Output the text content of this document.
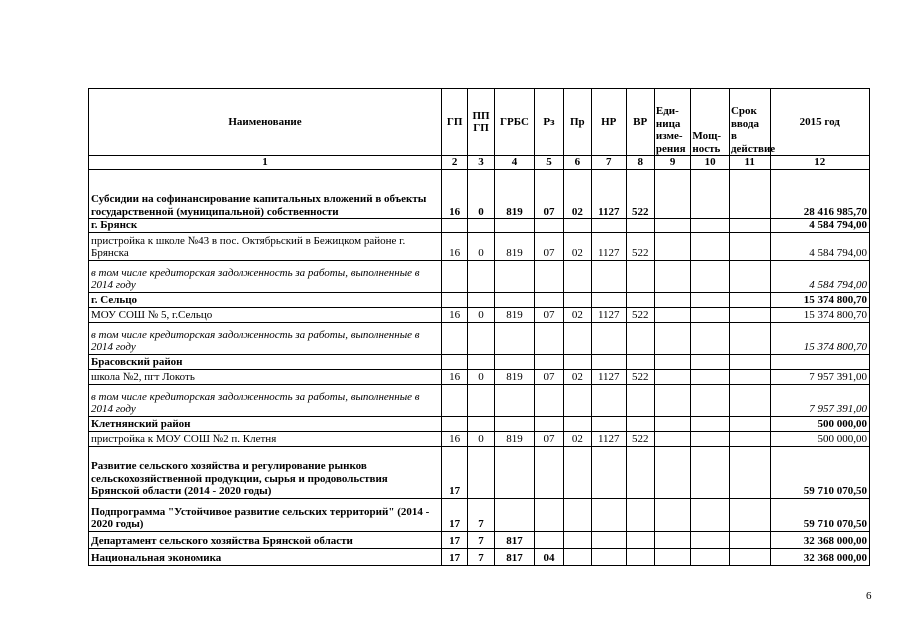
Наименование	ГП	ПП ГП	ГРБС	Рз	Пр	НР	ВР	Еди-ница изме-рения	Мощ-ность	Срок ввода в действие	2015 год
1	2	3	4	5	6	7	8	9	10	11	12
Субсидии на софинансирование капитальных вложений в объекты государственной (муниципальной) собственности	16	0	819	07	02	1127	522				28 416 985,70
г. Брянск											4 584 794,00
пристройка к школе №43 в пос. Октябрьский в Бежицком районе г. Брянска	16	0	819	07	02	1127	522				4 584 794,00
в том числе кредиторская задолженность за работы, выполненные в 2014 году											4 584 794,00
г. Сельцо											15 374 800,70
МОУ СОШ № 5, г.Сельцо	16	0	819	07	02	1127	522				15 374 800,70
в том числе кредиторская задолженность за работы, выполненные в 2014 году											15 374 800,70
Брасовский район											
школа №2, пгт Локоть	16	0	819	07	02	1127	522				7 957 391,00
в том числе кредиторская задолженность за работы, выполненные в 2014 году											7 957 391,00
Клетнянский район											500 000,00
пристройка к МОУ СОШ №2 п. Клетня	16	0	819	07	02	1127	522				500 000,00
Развитие сельского хозяйства и регулирование рынков сельскохозяйственной продукции, сырья и продовольствия Брянской области (2014 - 2020 годы)	17										59 710 070,50
Подпрограмма "Устойчивое развитие сельских территорий" (2014 - 2020 годы)	17	7									59 710 070,50
Департамент сельского хозяйства Брянской области	17	7	817								32 368 000,00
Национальная экономика	17	7	817	04							32 368 000,00
6
